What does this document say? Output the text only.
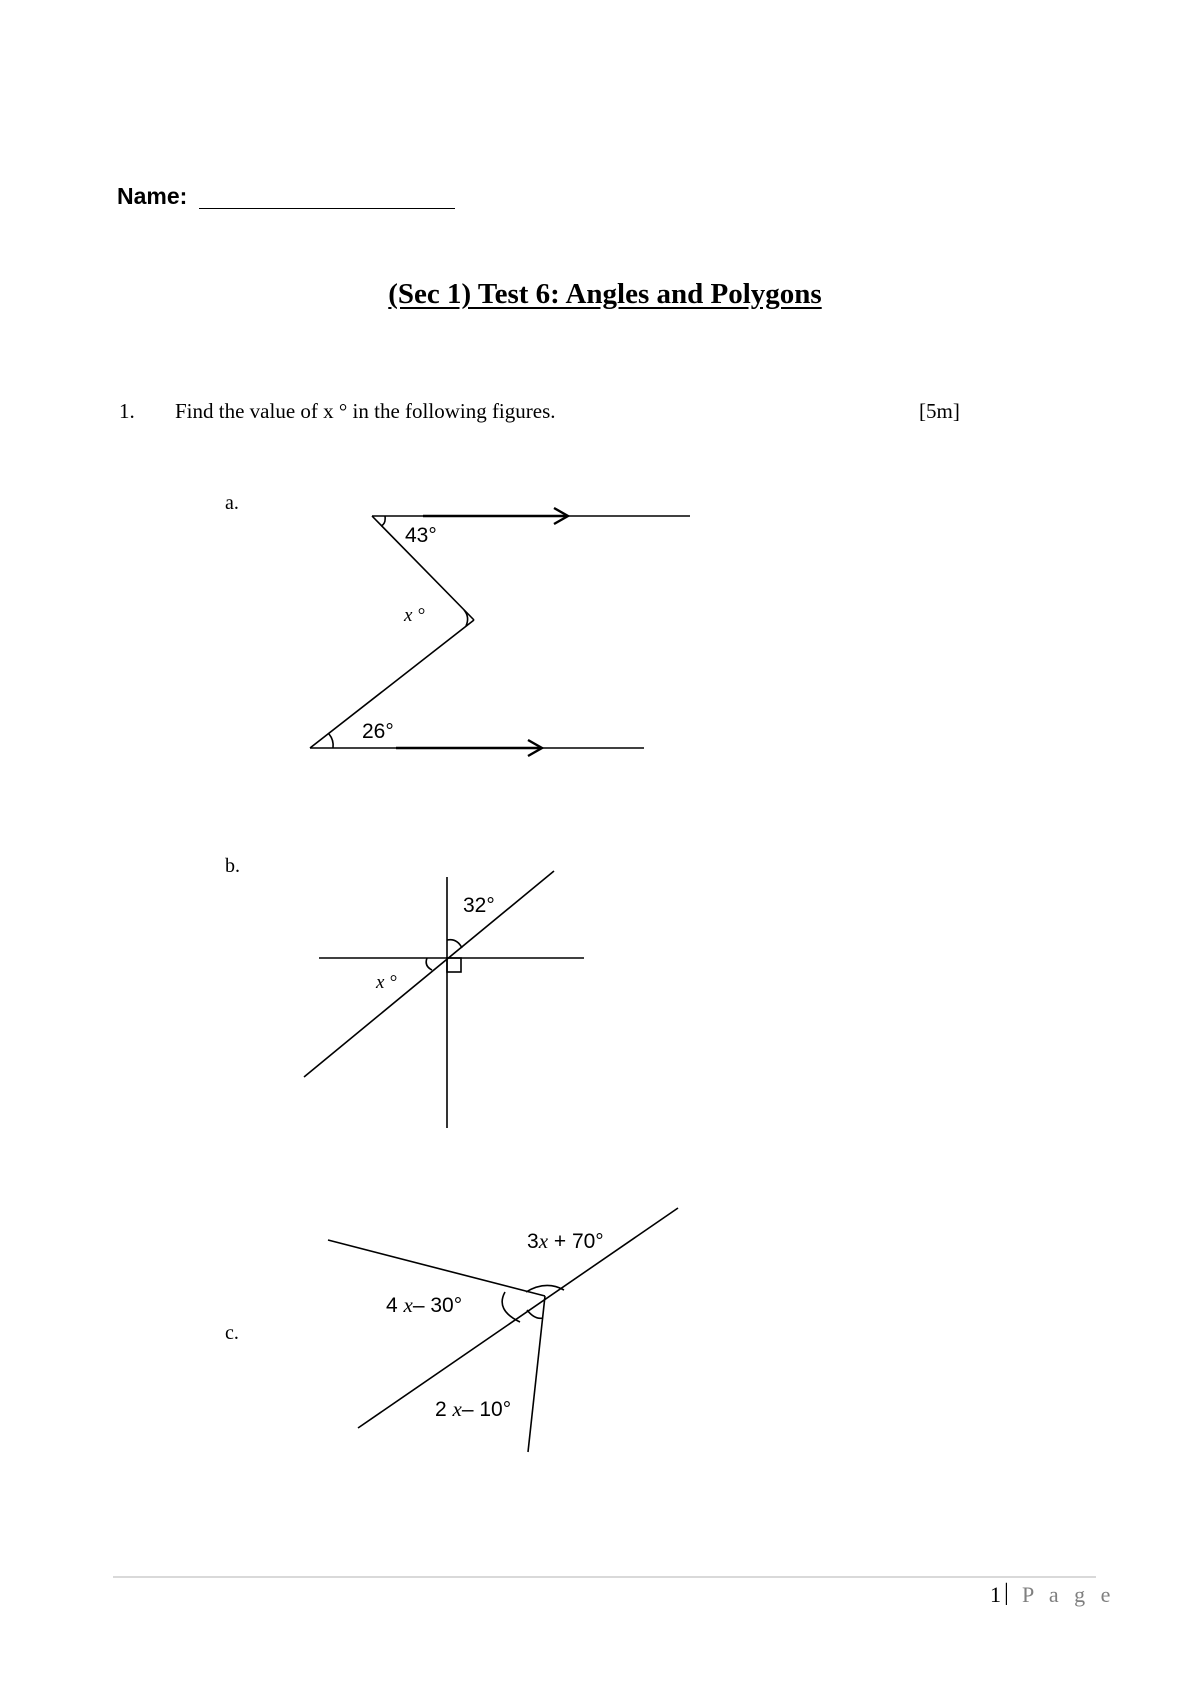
Name:
(Sec 1) Test 6: Angles and Polygons
1. Find the value of x ° in the following figures.	[5m]
a.
b.
c.
43°
x °
26°
32°
x °
3x + 70°
4 x– 30°
2 x– 10°
1 | P a g e
